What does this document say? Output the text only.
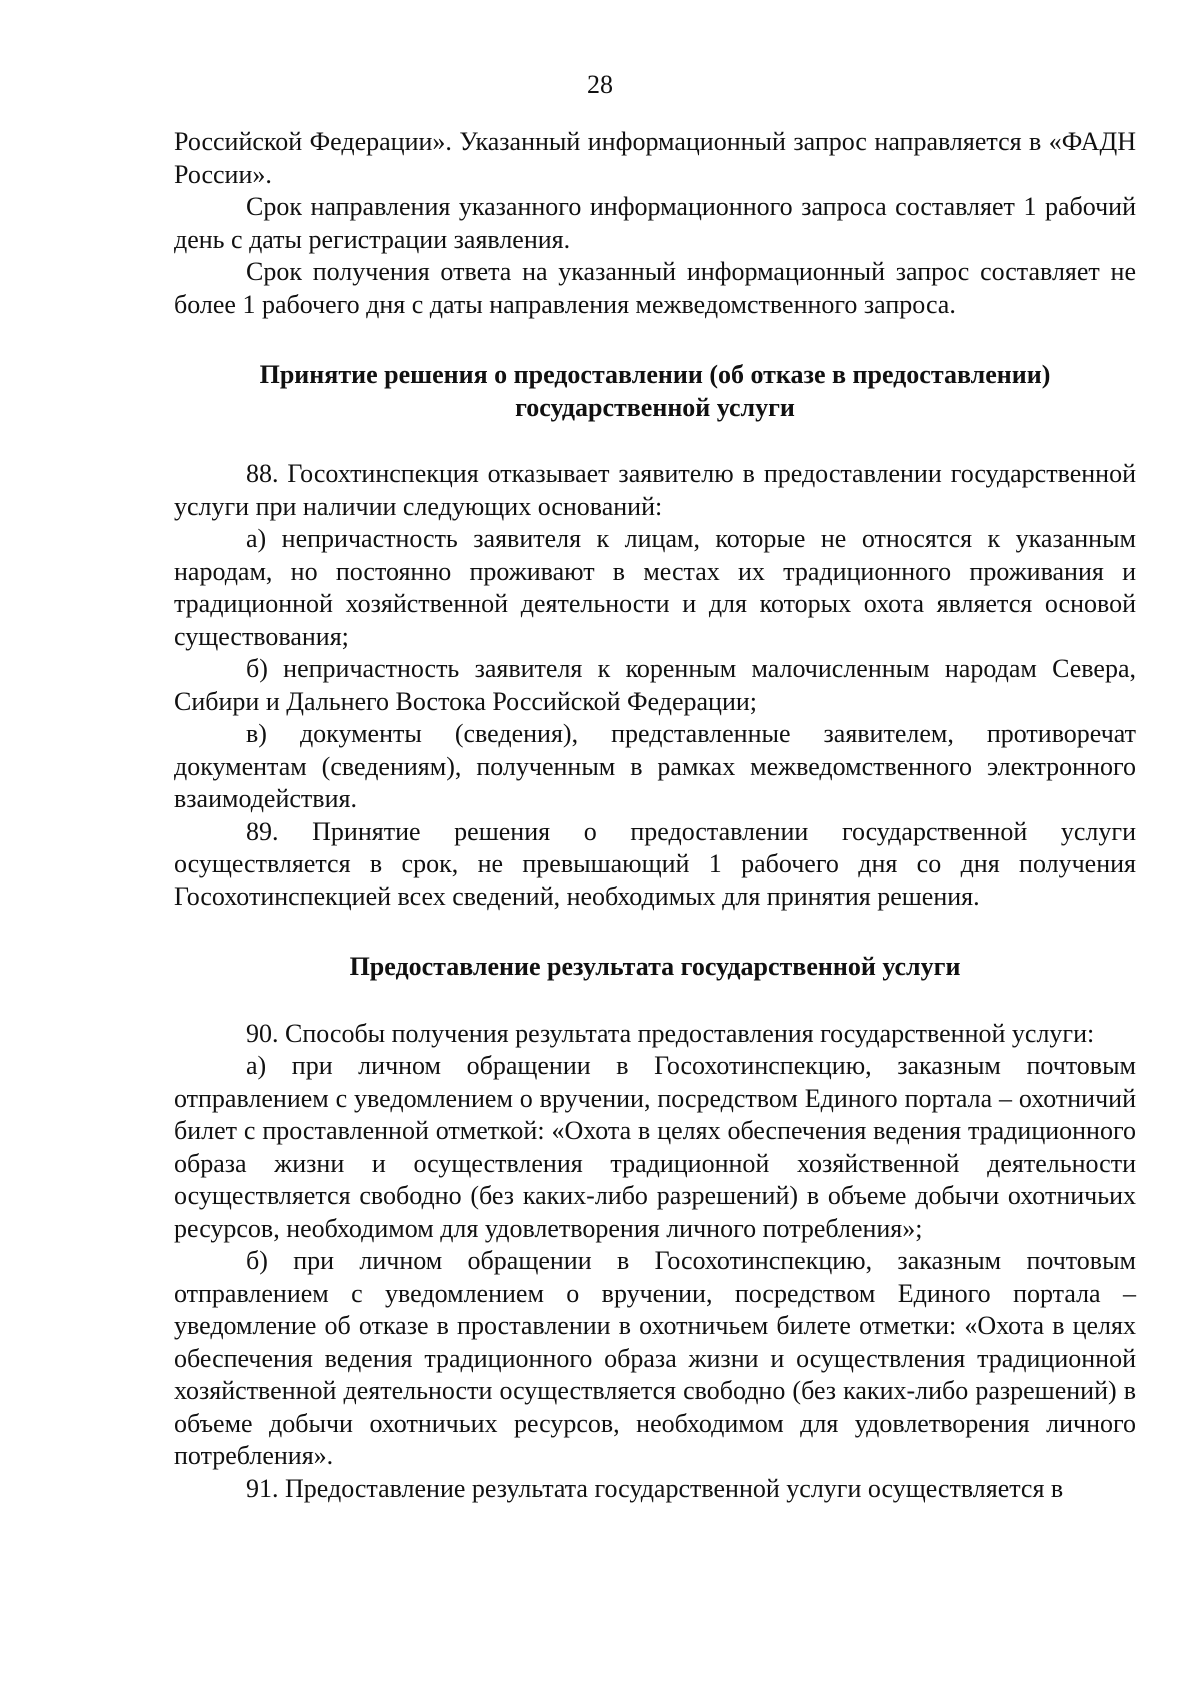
28

Российской Федерации». Указанный информационный запрос направляется в «ФАДН России».

Срок направления указанного информационного запроса составляет 1 рабочий день с даты регистрации заявления.

Срок получения ответа на указанный информационный запрос составляет не более 1 рабочего дня с даты направления межведомственного запроса.

Принятие решения о предоставлении (об отказе в предоставлении)
государственной услуги

88. Госохтинспекция отказывает заявителю в предоставлении государственной услуги при наличии следующих оснований:

а) непричастность заявителя к лицам, которые не относятся к указанным народам, но постоянно проживают в местах их традиционного проживания и традиционной хозяйственной деятельности и для которых охота является основой существования;

б) непричастность заявителя к коренным малочисленным народам Севера, Сибири и Дальнего Востока Российской Федерации;

в) документы (сведения), представленные заявителем, противоречат документам (сведениям), полученным в рамках межведомственного электронного взаимодействия.

89. Принятие решения о предоставлении государственной услуги осуществляется в срок, не превышающий 1 рабочего дня со дня получения Госохотинспекцией всех сведений, необходимых для принятия решения.

Предоставление результата государственной услуги

90. Способы получения результата предоставления государственной услуги:

а) при личном обращении в Госохотинспекцию, заказным почтовым отправлением с уведомлением о вручении, посредством Единого портала – охотничий билет с проставленной отметкой: «Охота в целях обеспечения ведения традиционного образа жизни и осуществления традиционной хозяйственной деятельности осуществляется свободно (без каких-либо разрешений) в объеме добычи охотничьих ресурсов, необходимом для удовлетворения личного потребления»;

б) при личном обращении в Госохотинспекцию, заказным почтовым отправлением с уведомлением о вручении, посредством Единого портала – уведомление об отказе в проставлении в охотничьем билете отметки: «Охота в целях обеспечения ведения традиционного образа жизни и осуществления традиционной хозяйственной деятельности осуществляется свободно (без каких-либо разрешений) в объеме добычи охотничьих ресурсов, необходимом для удовлетворения личного потребления».

91. Предоставление результата государственной услуги осуществляется в
